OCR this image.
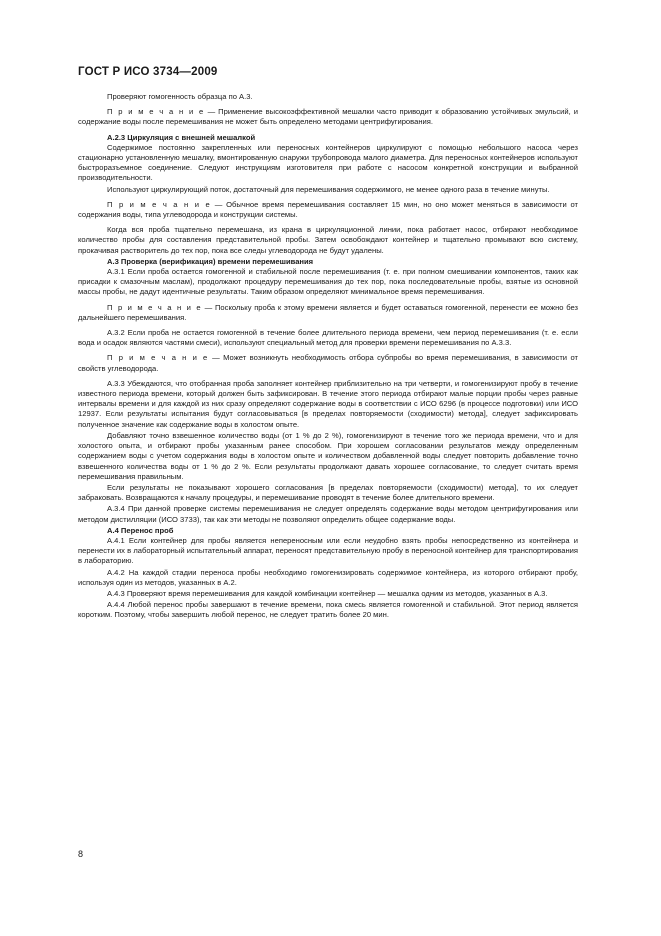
ГОСТ Р ИСО 3734—2009

Проверяют гомогенность образца по А.3.

П р и м е ч а н и е — Применение высокоэффективной мешалки часто приводит к образованию устойчивых эмульсий, и содержание воды после перемешивания не может быть определено методами центрифугирования.

А.2.3 Циркуляция с внешней мешалкой

Содержимое постоянно закрепленных или переносных контейнеров циркулируют с помощью небольшого насоса через стационарно установленную мешалку, вмонтированную снаружи трубопровода малого диаметра. Для переносных контейнеров используют быстроразъемное соединение. Следуют инструкциям изготовителя при работе с насосом конкретной конструкции и выбранной производительности.

Используют циркулирующий поток, достаточный для перемешивания содержимого, не менее одного раза в течение минуты.

П р и м е ч а н и е — Обычное время перемешивания составляет 15 мин, но оно может меняться в зависимости от содержания воды, типа углеводорода и конструкции системы.

Когда вся проба тщательно перемешана, из крана в циркуляционной линии, пока работает насос, отбирают необходимое количество пробы для составления представительной пробы. Затем освобождают контейнер и тщательно промывают всю систему, прокачивая растворитель до тех пор, пока все следы углеводорода не будут удалены.

А.3 Проверка (верификация) времени перемешивания

А.3.1 Если проба остается гомогенной и стабильной после перемешивания (т. е. при полном смешивании компонентов, таких как присадки к смазочным маслам), продолжают процедуру перемешивания до тех пор, пока последовательные пробы, взятые из основной массы пробы, не дадут идентичные результаты. Таким образом определяют минимальное время перемешивания.

П р и м е ч а н и е — Поскольку проба к этому времени является и будет оставаться гомогенной, перенести ее можно без дальнейшего перемешивания.

А.3.2 Если проба не остается гомогенной в течение более длительного периода времени, чем период перемешивания (т. е. если вода и осадок являются частями смеси), используют специальный метод для проверки времени перемешивания по А.3.3.

П р и м е ч а н и е — Может возникнуть необходимость отбора субпробы во время перемешивания, в зависимости от свойств углеводорода.

А.3.3 Убеждаются, что отобранная проба заполняет контейнер приблизительно на три четверти, и гомогенизируют пробу в течение известного периода времени, который должен быть зафиксирован. В течение этого периода отбирают малые порции пробы через равные интервалы времени и для каждой из них сразу определяют содержание воды в соответствии с ИСО 6296 (в процессе подготовки) или ИСО 12937. Если результаты испытания будут согласовываться [в пределах повторяемости (сходимости) метода], следует зафиксировать полученное значение как содержание воды в холостом опыте.

Добавляют точно взвешенное количество воды (от 1 % до 2 %), гомогенизируют в течение того же периода времени, что и для холостого опыта, и отбирают пробы указанным ранее способом. При хорошем согласовании результатов между определенным содержанием воды с учетом содержания воды в холостом опыте и количеством добавленной воды следует повторить добавление точно взвешенного количества воды от 1 % до 2 %. Если результаты продолжают давать хорошее согласование, то следует считать время перемешивания правильным.

Если результаты не показывают хорошего согласования [в пределах повторяемости (сходимости) метода], то их следует забраковать. Возвращаются к началу процедуры, и перемешивание проводят в течение более длительного времени.

А.3.4 При данной проверке системы перемешивания не следует определять содержание воды методом центрифугирования или методом дистилляции (ИСО 3733), так как эти методы не позволяют определить общее содержание воды.

А.4 Перенос проб

А.4.1 Если контейнер для пробы является непереносным или если неудобно взять пробы непосредственно из контейнера и перенести их в лабораторный испытательный аппарат, переносят представительную пробу в переносной контейнер для транспортирования в лабораторию.

А.4.2 На каждой стадии переноса пробы необходимо гомогенизировать содержимое контейнера, из которого отбирают пробу, используя один из методов, указанных в А.2.

А.4.3 Проверяют время перемешивания для каждой комбинации контейнер — мешалка одним из методов, указанных в А.3.

А.4.4 Любой перенос пробы завершают в течение времени, пока смесь является гомогенной и стабильной. Этот период является коротким. Поэтому, чтобы завершить любой перенос, не следует тратить более 20 мин.

8
